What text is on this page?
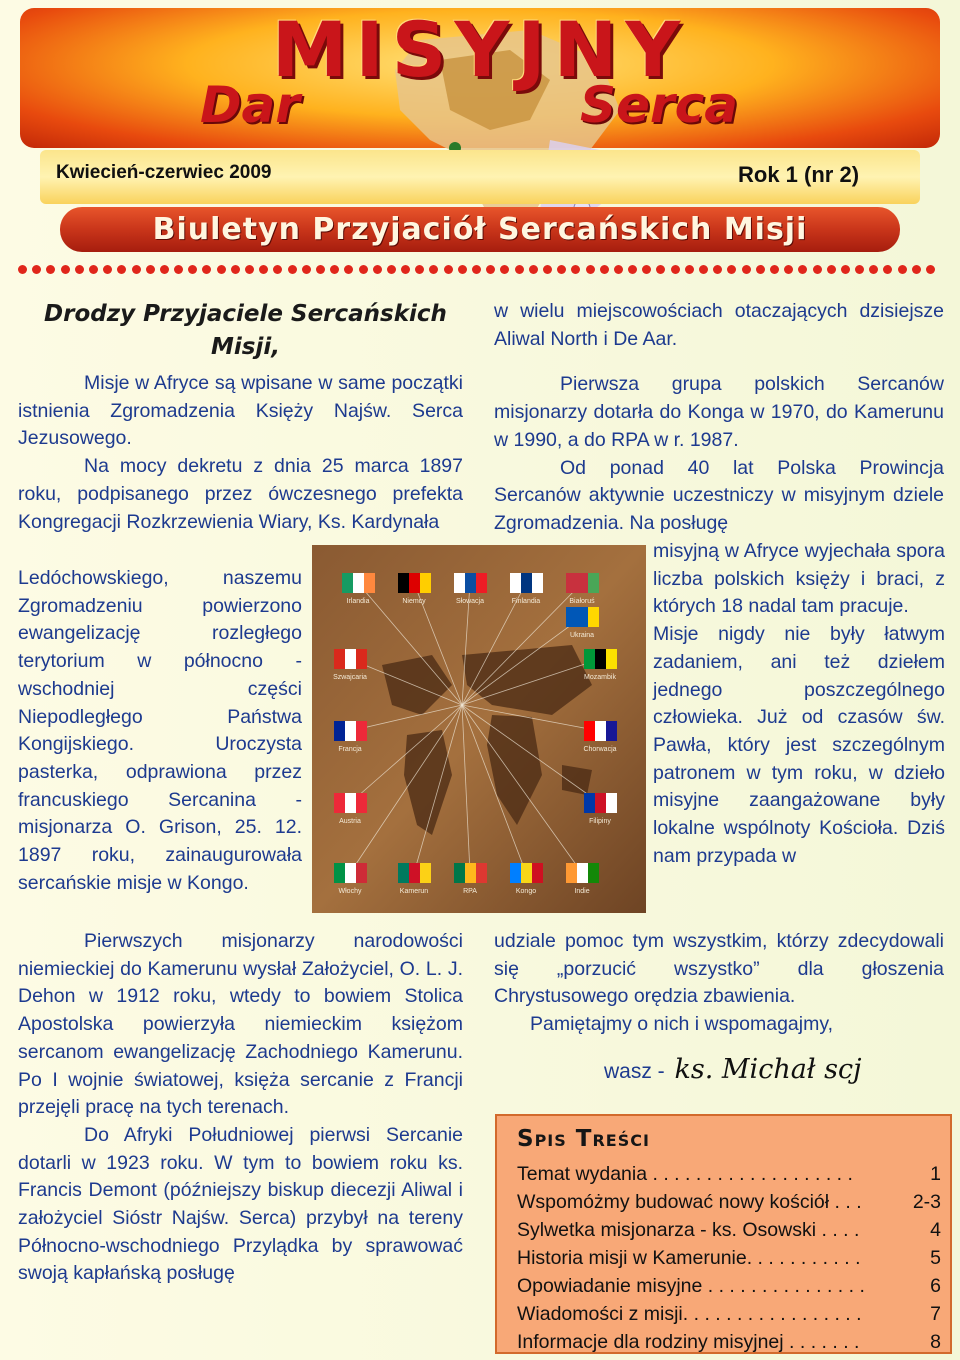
MISYJNY
Dar	Serca
Kwiecień-czerwiec 2009	Rok 1 (nr 2)
Biuletyn Przyjaciół Sercańskich Misji
Drodzy Przyjaciele Sercańskich Misji,

Misje w Afryce są wpisane w same początki istnienia Zgromadzenia Księży Najśw. Serca Jezusowego.

Na mocy dekretu z dnia 25 marca 1897 roku, podpisanego przez ówczesnego prefekta Kongregacji Rozkrzewienia Wiary, Ks. Kardynała

Ledóchowskiego, naszemu Zgromadzeniu powierzono ewangelizację rozległego terytorium w północno - wschodniej części Niepodległego Państwa Kongijskiego. Uroczysta pasterka, odprawiona przez francuskiego Sercanina - misjonarza O. Grison, 25. 12. 1897 roku, zainaugurowała sercańskie misje w Kongo.

Pierwszych misjonarzy narodowości niemieckiej do Kamerunu wysłał Założyciel, O. L. J. Dehon w 1912 roku, wtedy to bowiem Stolica Apostolska powierzyła niemieckim księżom sercanom ewangelizację Zachodniego Kamerunu. Po I wojnie światowej, księża sercanie z Francji przejęli pracę na tych terenach.

Do Afryki Południowej pierwsi Sercanie dotarli w 1923 roku. W tym to bowiem roku ks. Francis Demont (późniejszy biskup diecezji Aliwal i założyciel Sióstr Najśw. Serca) przybył na tereny Północno-wschodniego Przylądka by sprawować swoją kapłańską posługę

w wielu miejscowościach otaczających dzisiejsze Aliwal North i De Aar.

Pierwsza grupa polskich Sercanów misjonarzy dotarła do Konga w 1970, do Kamerunu w 1990, a do RPA w r. 1987.

Od ponad 40 lat Polska Prowincja Sercanów aktywnie uczestniczy w misyjnym dziele Zgromadzenia. Na posługę

misyjną w Afryce wyjechała spora liczba polskich księży i braci, z których 18 nadal tam pracuje.

Misje nigdy nie były łatwym zadaniem, ani też dziełem jednego poszczególnego człowieka. Już od czasów św. Pawła, który jest szczególnym patronem w tym roku, w dzieło misyjne zaangażowane były lokalne wspólnoty Kościoła. Dziś nam przypada w

udziale pomoc tym wszystkim, którzy zdecydowali się „porzucić wszystko” dla głoszenia Chrystusowego orędzia zbawienia.

Pamiętajmy o nich i wspomagajmy,

wasz - ks. Michał scj
Irlandia	Niemcy	Słowacja	Finlandia	Białoruś
Ukraina
Szwajcaria	Mozambik
Francja	Chorwacja
Austria	Filipiny
Włochy	Kamerun	RPA	Kongo	Indie
Spis Treści
Temat wydania . . . . . . . . . . . . . . . . . . .	1
Wspomóżmy budować nowy kościół . . .	2-3
Sylwetka misjonarza - ks. Osowski . . . .	4
Historia misji w Kamerunie. . . . . . . . . . .	5
Opowiadanie misyjne . . . . . . . . . . . . . . .	6
Wiadomości z misji. . . . . . . . . . . . . . . . .	7
Informacje dla rodziny misyjnej . . . . . . .	8
